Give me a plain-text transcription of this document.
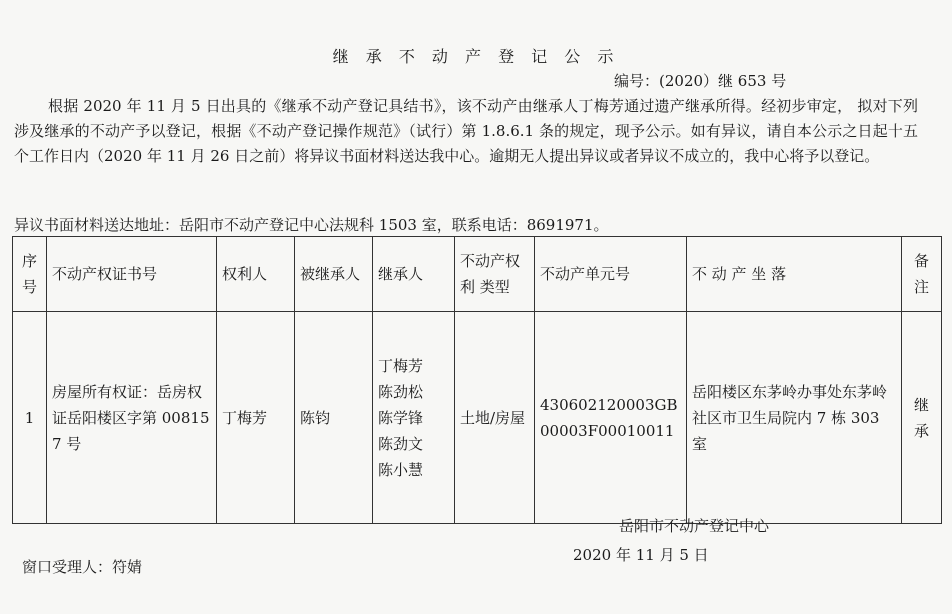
继 承 不 动 产 登 记 公 示
编号：(2020）继 653 号

根据 2020 年 11 月 5 日出具的《继承不动产登记具结书》，该不动产由继承人丁梅芳通过遗产继承所得。经初步审定， 拟对下列涉及继承的不动产予以登记，根据《不动产登记操作规范》（试行）第 1.8.6.1 条的规定，现予公示。如有异议，请自本公示之日起十五个工作日内（2020 年 11 月 26 日之前）将异议书面材料送达我中心。逾期无人提出异议或者异议不成立的，我中心将予以登记。

异议书面材料送达地址：岳阳市不动产登记中心法规科 1503 室，联系电话：8691971。
序号	不动产权证书号	权利人	被继承人	继承人	不动产权 利 类型	不动产单元号	不 动 产 坐 落	备注
1	房屋所有权证：岳房权证岳阳楼区字第 008157 号	丁梅芳	陈钧	丁梅芳
陈劲松
陈学锋
陈劲文
陈小慧	土地/房屋	430602120003GB00003F00010011	岳阳楼区东茅岭办事处东茅岭社区市卫生局院内 7 栋 303 室	继承
岳阳市不动产登记中心
2020 年 11 月 5 日
窗口受理人：符婧
